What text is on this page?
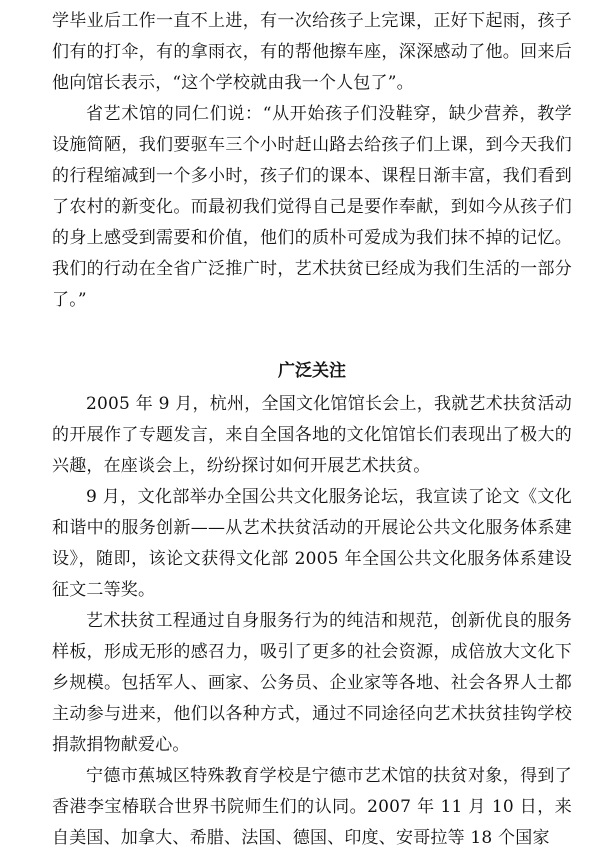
学毕业后工作一直不上进，有一次给孩子上完课，正好下起雨，孩子们有的打伞，有的拿雨衣，有的帮他擦车座，深深感动了他。回来后他向馆长表示，“这个学校就由我一个人包了”。

省艺术馆的同仁们说：“从开始孩子们没鞋穿，缺少营养，教学设施简陋，我们要驱车三个小时赶山路去给孩子们上课，到今天我们的行程缩减到一个多小时，孩子们的课本、课程日渐丰富，我们看到了农村的新变化。而最初我们觉得自己是要作奉献，到如今从孩子们的身上感受到需要和价值，他们的质朴可爱成为我们抹不掉的记忆。我们的行动在全省广泛推广时，艺术扶贫已经成为我们生活的一部分了。”

广泛关注

2005 年 9 月，杭州，全国文化馆馆长会上，我就艺术扶贫活动的开展作了专题发言，来自全国各地的文化馆馆长们表现出了极大的兴趣，在座谈会上，纷纷探讨如何开展艺术扶贫。

9 月，文化部举办全国公共文化服务论坛，我宣读了论文《文化和谐中的服务创新——从艺术扶贫活动的开展论公共文化服务体系建设》，随即，该论文获得文化部 2005 年全国公共文化服务体系建设征文二等奖。

艺术扶贫工程通过自身服务行为的纯洁和规范，创新优良的服务样板，形成无形的感召力，吸引了更多的社会资源，成倍放大文化下乡规模。包括军人、画家、公务员、企业家等各地、社会各界人士都主动参与进来，他们以各种方式，通过不同途径向艺术扶贫挂钩学校捐款捐物献爱心。

宁德市蕉城区特殊教育学校是宁德市艺术馆的扶贫对象，得到了香港李宝椿联合世界书院师生们的认同。2007 年 11 月 10 日，来自美国、加拿大、希腊、法国、德国、印度、安哥拉等 18 个国家
